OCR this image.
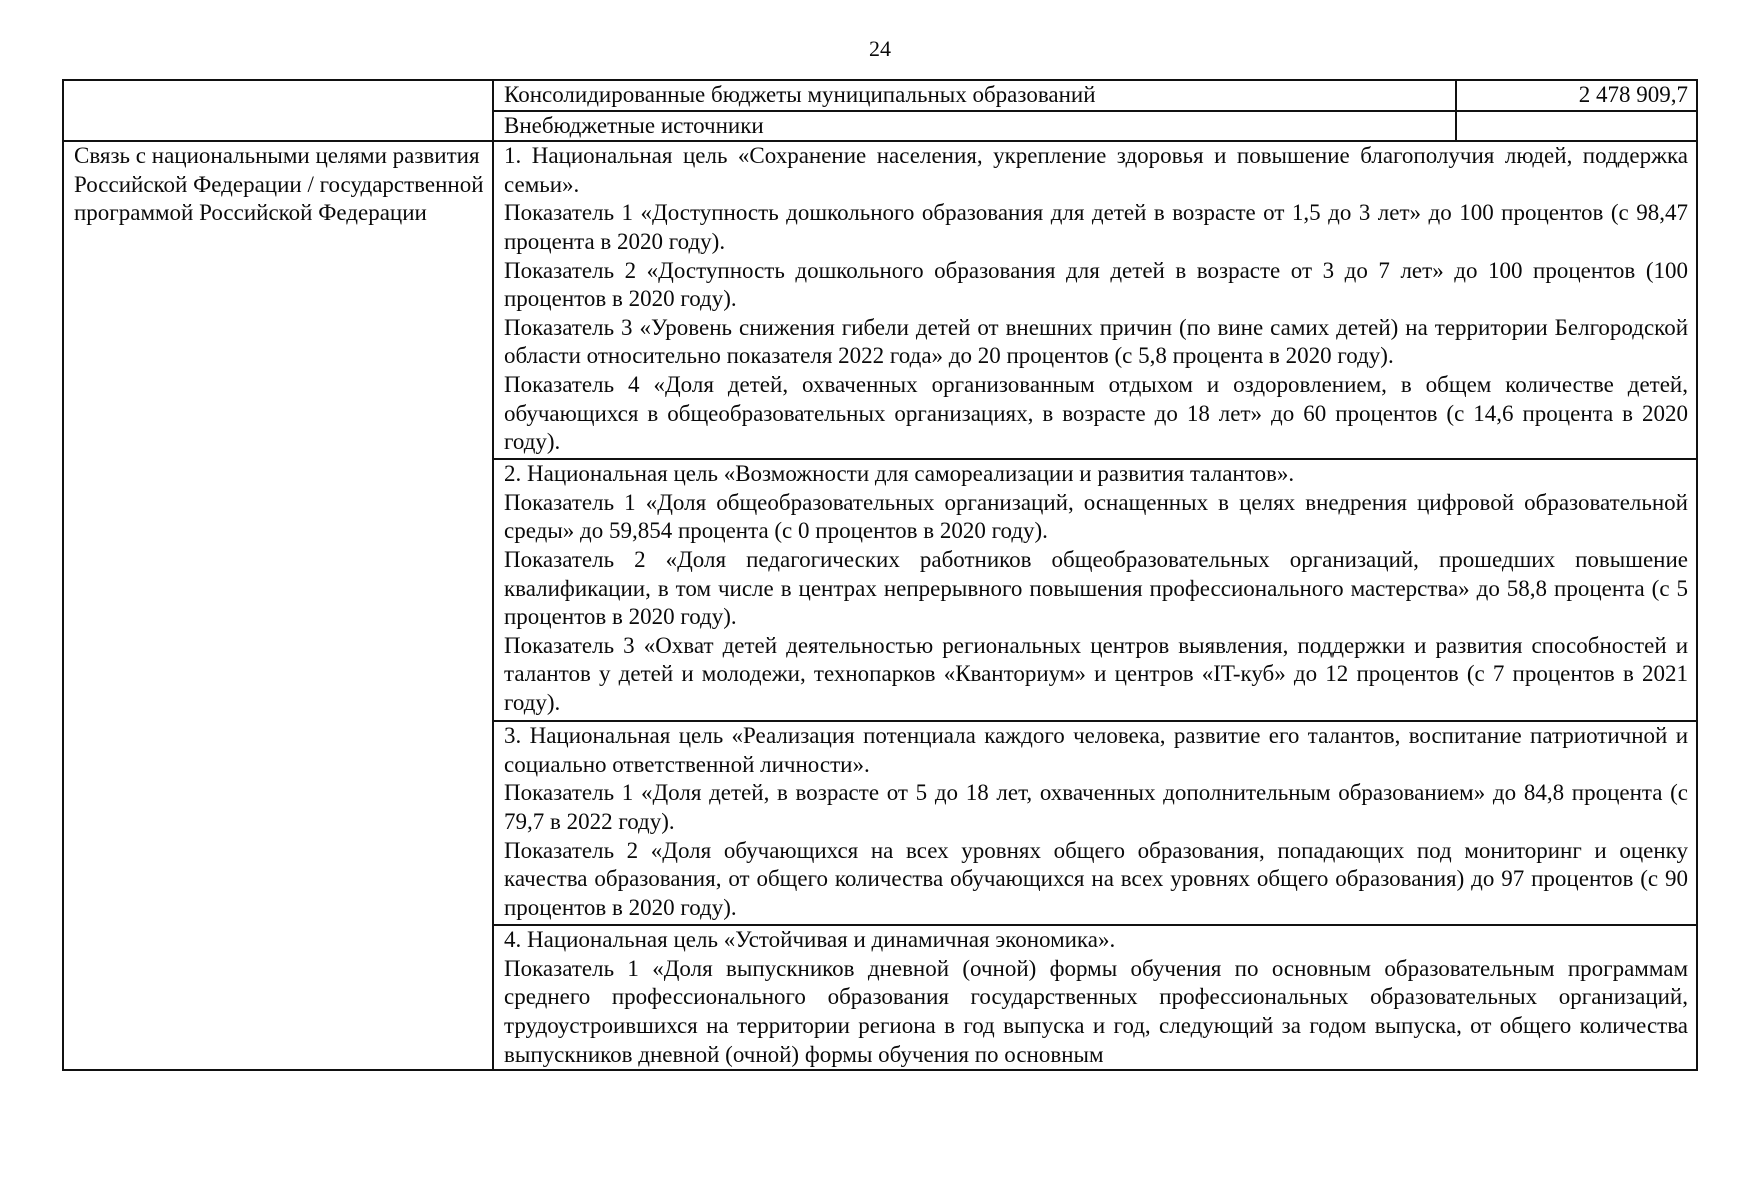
24
	Консолидированные бюджеты муниципальных образований	2 478 909,7
	Внебюджетные источники	
Связь с национальными целями развития Российской Федерации / государственной программой Российской Федерации	1. Национальная цель «Сохранение населения, укрепление здоровья и повышение благополучия людей, поддержка семьи».

Показатель 1 «Доступность дошкольного образования для детей в возрасте от 1,5 до 3 лет» до 100 процентов (с 98,47 процента в 2020 году).

Показатель 2 «Доступность дошкольного образования для детей в возрасте от 3 до 7 лет» до 100 процентов (100 процентов в 2020 году).

Показатель 3 «Уровень снижения гибели детей от внешних причин (по вине самих детей) на территории Белгородской области относительно показателя 2022 года» до 20 процентов (с 5,8 процента в 2020 году).

Показатель 4 «Доля детей, охваченных организованным отдыхом и оздоровлением, в общем количестве детей, обучающихся в общеобразовательных организациях, в возрасте до 18 лет» до 60 процентов (с 14,6 процента в 2020 году).	

	2. Национальная цель «Возможности для самореализации и развития талантов».

Показатель 1 «Доля общеобразовательных организаций, оснащенных в целях внедрения цифровой образовательной среды» до 59,854 процента (с 0 процентов в 2020 году).

Показатель 2 «Доля педагогических работников общеобразовательных организаций, прошедших повышение квалификации, в том числе в центрах непрерывного повышения профессионального мастерства» до 58,8 процента (с 5 процентов в 2020 году).

Показатель 3 «Охват детей деятельностью региональных центров выявления, поддержки и развития способностей и талантов у детей и молодежи, технопарков «Кванториум» и центров «IT-куб» до 12 процентов (с 7 процентов в 2021 году).	

	3. Национальная цель «Реализация потенциала каждого человека, развитие его талантов, воспитание патриотичной и социально ответственной личности».

Показатель 1 «Доля детей, в возрасте от 5 до 18 лет, охваченных дополнительным образованием» до 84,8 процента (с 79,7 в 2022 году).

Показатель 2 «Доля обучающихся на всех уровнях общего образования, попадающих под мониторинг и оценку качества образования, от общего количества обучающихся на всех уровнях общего образования) до 97 процентов (с 90 процентов в 2020 году).	

	4. Национальная цель «Устойчивая и динамичная экономика».

Показатель 1 «Доля выпускников дневной (очной) формы обучения по основным образовательным программам среднего профессионального образования государственных профессиональных образовательных организаций, трудоустроившихся на территории региона в год выпуска и год, следующий за годом выпуска, от общего количества выпускников дневной (очной) формы обучения по основным	
